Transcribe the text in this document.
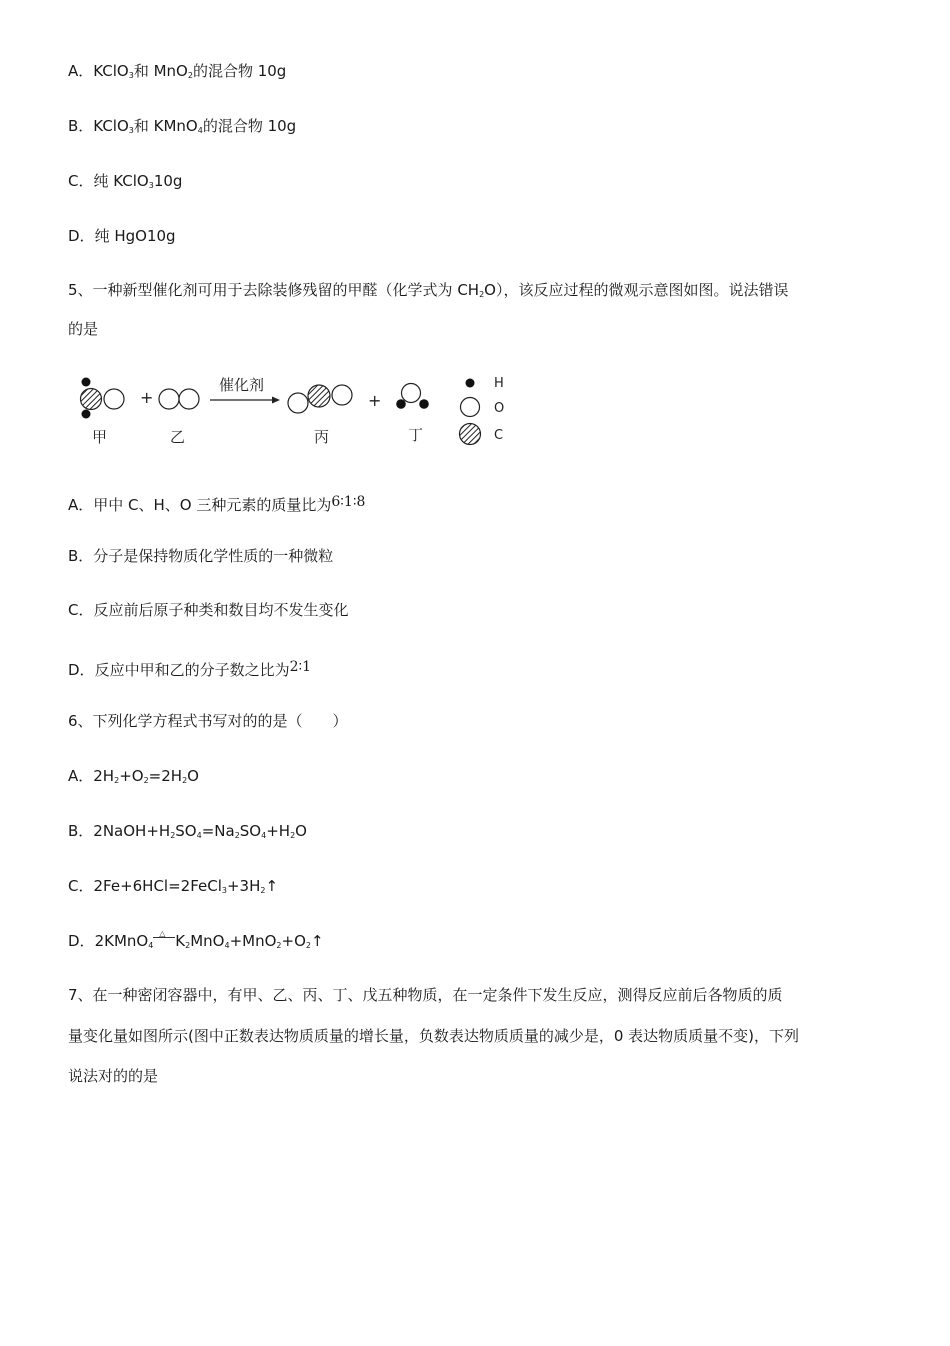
A．KClO$_3$和 MnO$_2$的混合物 10g
B．KClO$_3$和 KMnO$_4$的混合物 10g
C．纯 KClO$_3$10g
D．纯 HgO10g
5、一种新型催化剂可用于去除装修残留的甲醛（化学式为 $CH_2O$），该反应过程的微观示意图如图。说法错误
的是
+
催化剂
+
H
O
C
甲	乙	丙	丁
A．甲中 C、H、O 三种元素的质量比为6∶1∶8
B．分子是保持物质化学性质的一种微粒
C．反应前后原子种类和数目均不发生变化
D．反应中甲和乙的分子数之比为2∶1
6、下列化学方程式书写对的的是（　　）
A．$2H_2+O_2=2H_2O$
B．$2NaOH+H_2SO_4=Na_2SO_4+H_2O$
C．$2Fe+6HCl=2FeCl_3+3H_2↑$
D．2KMnO$_4$
△ $K_2MnO_4+MnO_2+O_2↑$
7、在一种密闭容器中，有甲、乙、丙、丁、戊五种物质，在一定条件下发生反应，测得反应前后各物质的质
量变化量如图所示(图中正数表达物质质量的增长量，负数表达物质质量的减少是，0 表达物质质量不变)，下列
说法对的的是
